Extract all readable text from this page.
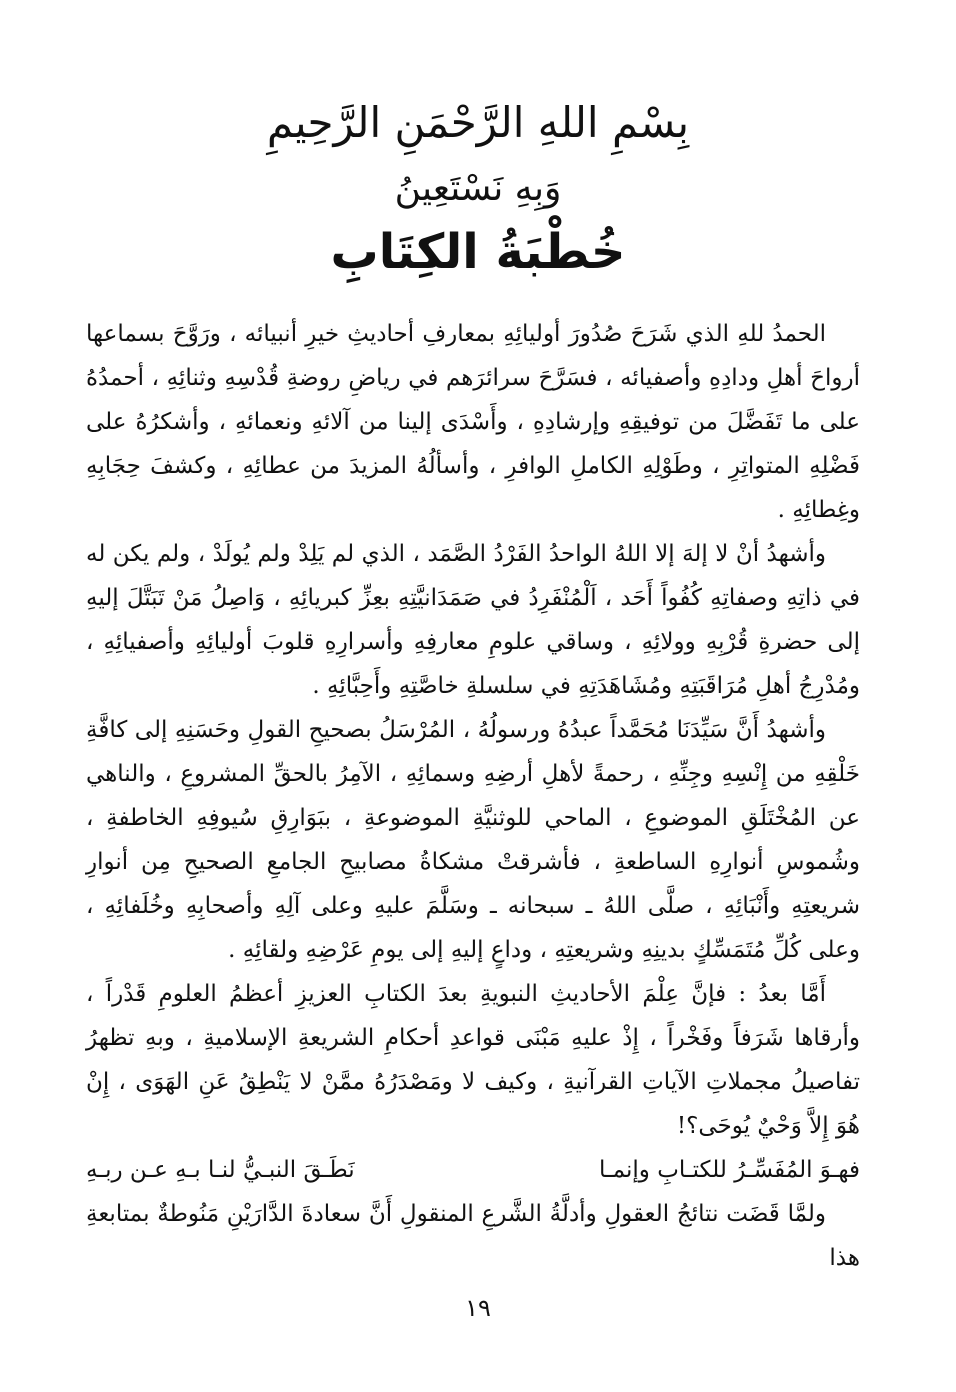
بِسْمِ اللهِ الرَّحْمَنِ الرَّحِيمِ
وَبِهِ نَسْتَعِينُ
خُطْبَةُ الكِتَابِ

الحمدُ للهِ الذي شَرَحَ صُدُورَ أوليائِهِ بمعارفِ أحاديثِ خيرِ أنبيائه ، ورَوَّحَ بسماعها أرواحَ أهلِ ودادِهِ وأصفيائه ، فسَرَّحَ سرائرَهم في رياضِ روضةِ قُدْسِهِ وثنائِهِ ، أحمدُهُ على ما تَفَضَّلَ من توفيقِهِ وإرشادِهِ ، وأَسْدَى إلينا من آلائهِ ونعمائهِ ، وأشكرُهُ على فَضْلِهِ المتواتِرِ ، وطَوْلِهِ الكاملِ الوافرِ ، وأسألُهُ المزيدَ من عطائِهِ ، وكشفَ حِجَابِهِ وغِطائِهِ .

وأشهدُ أنْ لا إلهَ إلا اللهُ الواحدُ الفَرْدُ الصَّمَد ، الذي لم يَلِدْ ولم يُولَدْ ، ولم يكن له في ذاتِهِ وصفاتِهِ كُفُواً أَحَد ، اَلْمُنْفَرِدُ في صَمَدَانيَّتِهِ بعِزِّ كبريائِهِ ، وَاصِلُ مَنْ تَبَتَّلَ إليهِ إلى حضرةِ قُرْبِهِ وولائِهِ ، وساقي علومِ معارفِهِ وأسرارِهِ قلوبَ أوليائِهِ وأصفيائِهِ ، ومُدْرِجُ أهلِ مُرَاقَبَتِهِ ومُشَاهَدَتِهِ في سلسلةِ خاصَّتِهِ وأَحِبَّائِهِ .

وأشهدُ أَنَّ سَيِّدَنَا مُحَمَّداً عبدُهُ ورسولُهُ ، المُرْسَلُ بصحيحِ القولِ وحَسَنِهِ إلى كافَّةِ خَلْقِهِ من إِنْسِهِ وجِنِّهِ ، رحمةً لأهلِ أرضِهِ وسمائِهِ ، الآمِرُ بالحقِّ المشروعِ ، والناهي عن المُخْتَلَقِ الموضوعِ ، الماحي للوثنيَّةِ الموضوعةِ ، ببَوَارِقِ سُيوفِهِ الخاطفةِ ، وشُموسِ أنوارِهِ الساطعةِ ، فأشرقتْ مشكاةُ مصابيحِ الجامعِ الصحيحِ مِن أنوارِ شريعتِهِ وأَنْبَائِهِ ، صلَّى اللهُ ـ سبحانه ـ وسَلَّمَ عليهِ وعلى آلِهِ وأصحابِهِ وخُلَفائِهِ ، وعلى كُلِّ مُتَمَسِّكٍ بدينِهِ وشريعتِهِ ، وداعٍ إليهِ إلى يومِ عَرْضِهِ ولقائِهِ .

أَمَّا بعدُ : فإنَّ عِلْمَ الأحاديثِ النبويةِ بعدَ الكتابِ العزيزِ أعظمُ العلومِ قَدْراً ، وأرقاها شَرَفاً وفَخْراً ، إِذْ عليهِ مَبْنَى قواعدِ أحكامِ الشريعةِ الإسلاميةِ ، وبهِ تظهرُ تفاصيلُ مجملاتِ الآياتِ القرآنيةِ ، وكيف لا ومَصْدَرُهُ ممَّنْ لا يَنْطِقُ عَنِ الهَوَى ، إِنْ هُوَ إِلاَّ وَحْيٌ يُوحَى؟!

فهـوَ المُفَسِّـرُ للكتـابِ وإنمـا
نَطَـقَ النبـيُّ لنـا بـهِ عـن ربـهِ

ولمَّا قَضَت نتائجُ العقولِ وأدلَّةُ الشَّرعِ المنقولِ أَنَّ سعادةَ الدَّارَيْنِ مَنُوطةٌ بمتابعةِ هذا

١٩
